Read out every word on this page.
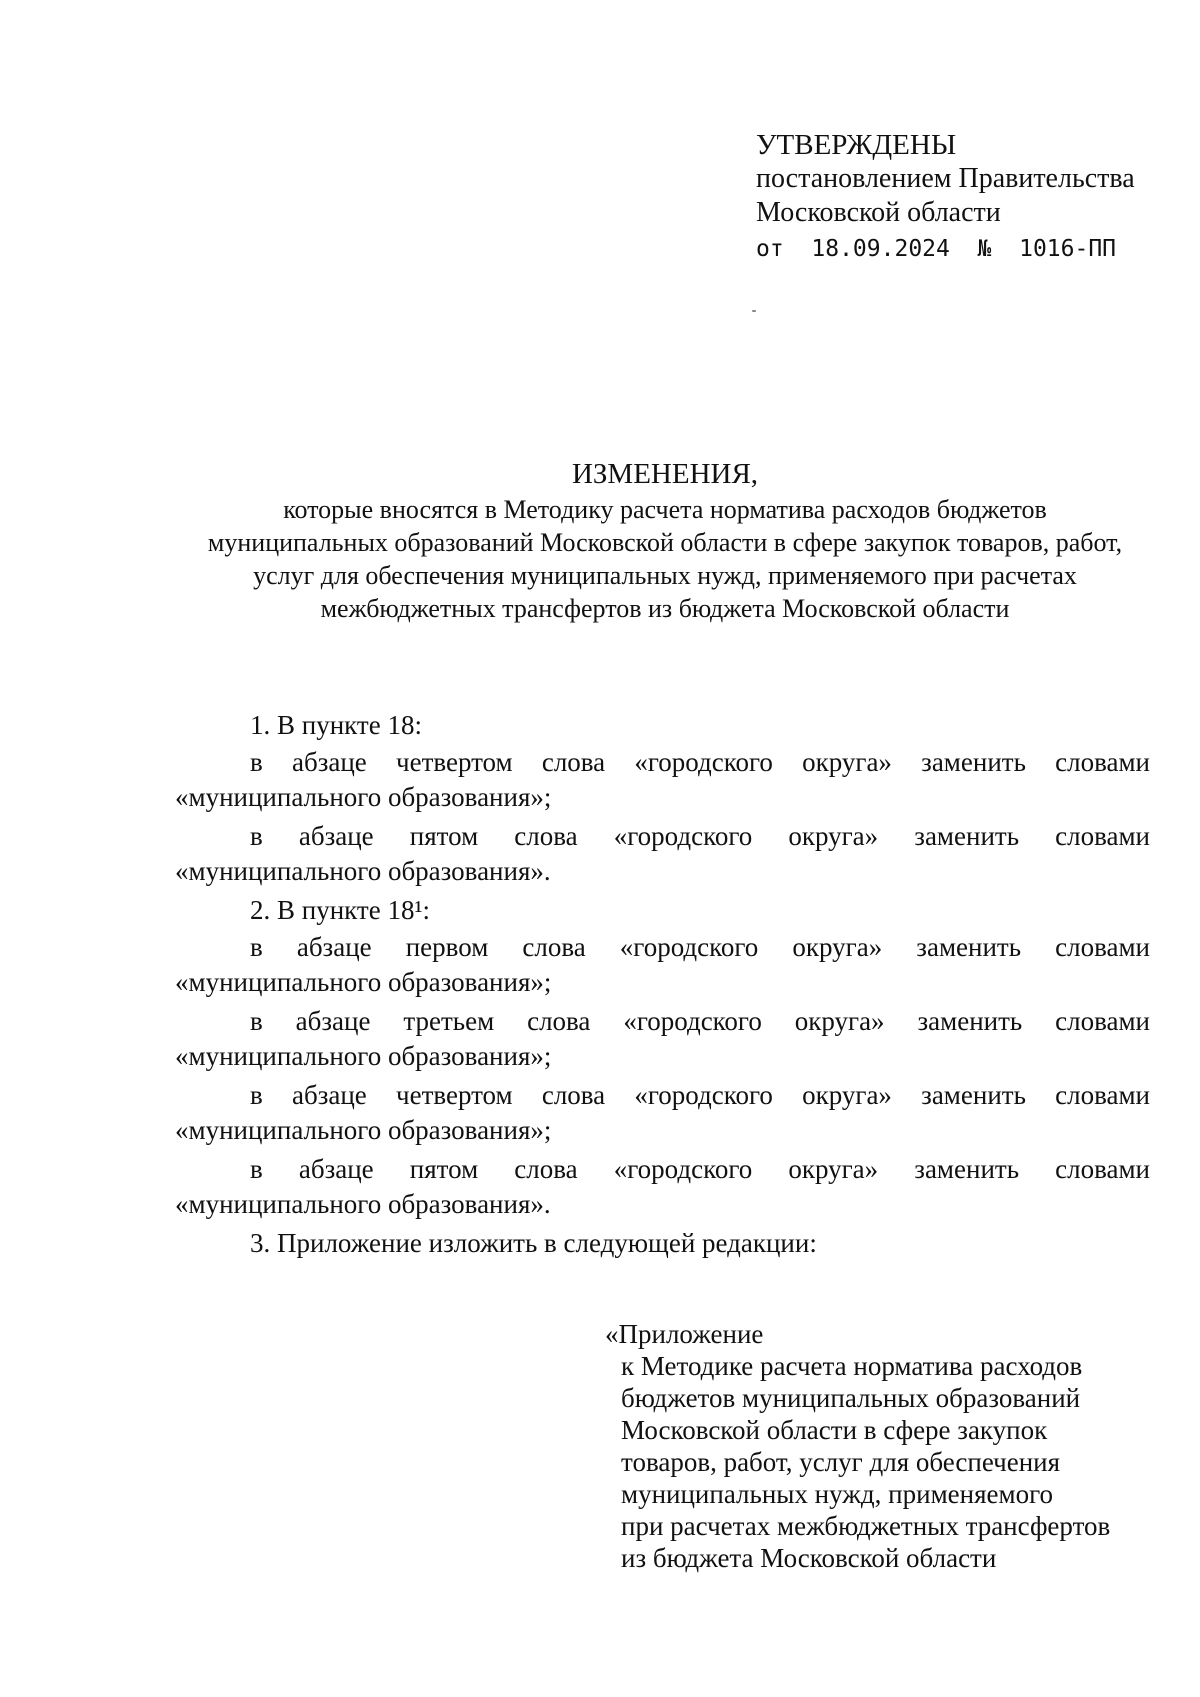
УТВЕРЖДЕНЫ
постановлением Правительства
Московской области
от  18.09.2024  №  1016-ПП
ИЗМЕНЕНИЯ,
которые вносятся в Методику расчета норматива расходов бюджетов
муниципальных образований Московской области в сфере закупок товаров, работ,
услуг для обеспечения муниципальных нужд, применяемого при расчетах
межбюджетных трансфертов из бюджета Московской области
1. В пункте 18:
в абзаце четвертом слова «городского округа» заменить словами
«муниципального образования»;
в абзаце пятом слова «городского округа» заменить словами
«муниципального образования».
2. В пункте 18¹:
в абзаце первом слова «городского округа» заменить словами
«муниципального образования»;
в абзаце третьем слова «городского округа» заменить словами
«муниципального образования»;
в абзаце четвертом слова «городского округа» заменить словами
«муниципального образования»;
в абзаце пятом слова «городского округа» заменить словами
«муниципального образования».
3. Приложение изложить в следующей редакции:
«Приложение
к Методике расчета норматива расходов
бюджетов муниципальных образований
Московской области в сфере закупок
товаров, работ, услуг для обеспечения
муниципальных нужд, применяемого
при расчетах межбюджетных трансфертов
из бюджета Московской области
